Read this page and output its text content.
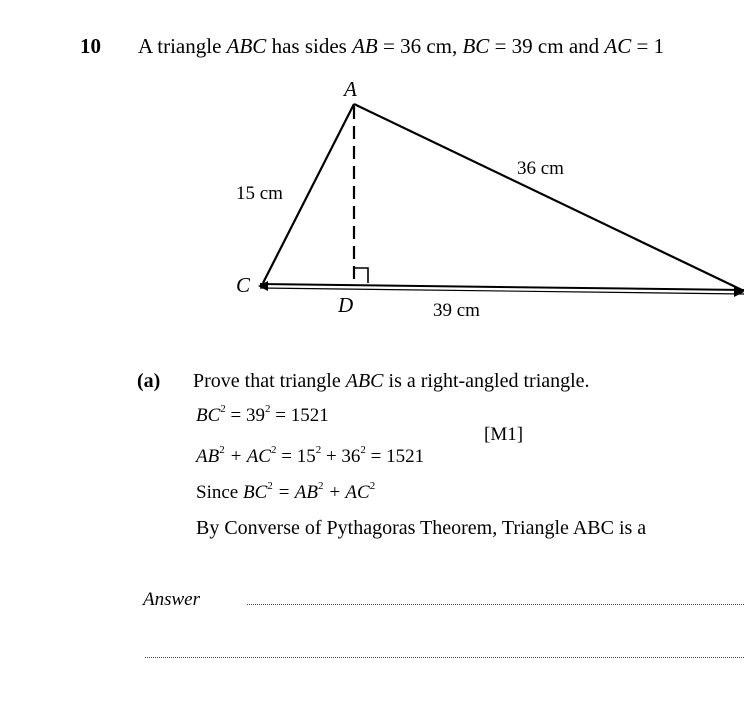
10 A triangle ABC has sides AB = 36 cm, BC = 39 cm and AC = 1
A
C
D
15 cm
36 cm
39 cm
(a) Prove that triangle ABC is a right-angled triangle.
$BC^2 = 39^2 = 1521$
[M1]
$AB^2 + AC^2 = 15^2 + 36^2 = 1521$
Since $BC^2 = AB^2 + AC^2$
By Converse of Pythagoras Theorem, Triangle ABC is a
Answer
